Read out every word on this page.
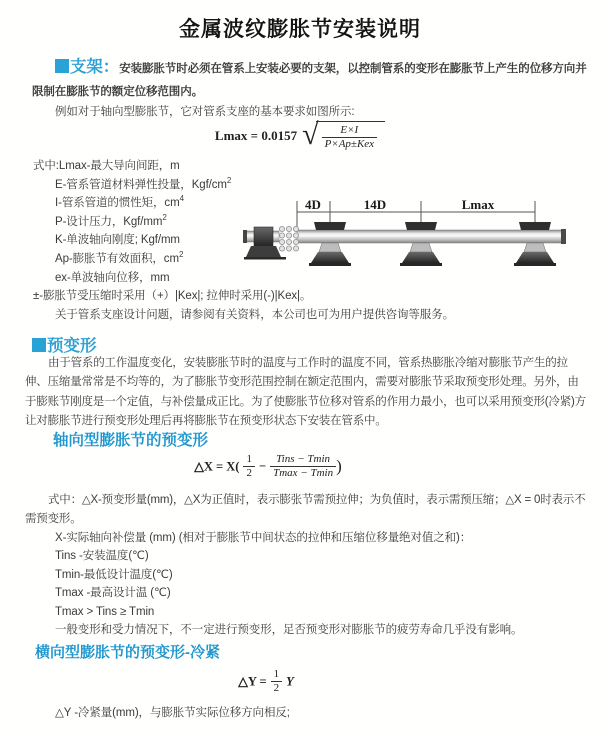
金属波纹膨胀节安装说明
支架：安装膨胀节时必须在管系上安装必要的支架，以控制管系的变形在膨胀节上产生的位移方向并限制在膨胀节的额定位移范围内。
例如对于轴向型膨胀节，它对管系支座的基本要求如图所示:
Lmax = 0.0157 √ $\frac{E\times I}{\text{P×Ap±Kex}}$
式中:Lmax-最大导向间距，m
E-管系管道材料弹性投量，Kgf/$cm^2$
I-管系管道的惯性矩，$cm^4$
P-设计压力，Kgf/$mm^2$
K-单波轴向刚度; Kgf/mm
Ap-膨胀节有效面积，$cm^2$
ex-单波轴向位移，mm
±-膨胀节受压缩时采用（+）|Kex|; 拉伸时采用(-)|Kex|。
关于管系支座设计问题，请参阅有关资料，本公司也可为用户提供咨询等服务。
4D	14D	Lmax
预变形
由于管系的工作温度变化，安装膨胀节时的温度与工作时的温度不同，管系热膨胀冷缩对膨胀节产生的拉伸、压缩量常常是不均等的，为了膨胀节变形范围控制在额定范围内，需要对膨胀节采取预变形处理。另外，由于膨账节刚度是一个定值，与补偿量成正比。为了使膨胀节位移对管系的作用力最小，也可以采用预变形(冷紧)方让对膨胀节进行预变形处理后再将膨胀节在预变形状态下安装在管系中。
轴向型膨胀节的预变形
△X = $X( \frac{1}{2} - \frac{\text{Tins − Tmin}}{Tmax - Tmin}$ )
式中：△X-预变形量(mm)，△X为正值时，表示膨张节需预拉伸；为负值时，表示需预压缩；△X = 0时表示不需预变形。
X-实际轴向补偿量 (mm) (相对于膨胀节中间状态的拉伸和压缩位移量绝对值之和)：
Tins -安装温度(℃)
Tmin-最低设计温度(℃)
Tmax -最高设计温 (℃)
Tmax > Tins ≥ Tmin
一般变形和受力情况下，不一定进行预变形，足否预变形对膨胀节的疲劳寿命几乎没有影响。
横向型膨胀节的预变形-冷紧
△Y = $\frac{1}{2}$ Y
△Y -冷紧量(mm)，与膨胀节实际位移方向相反;
